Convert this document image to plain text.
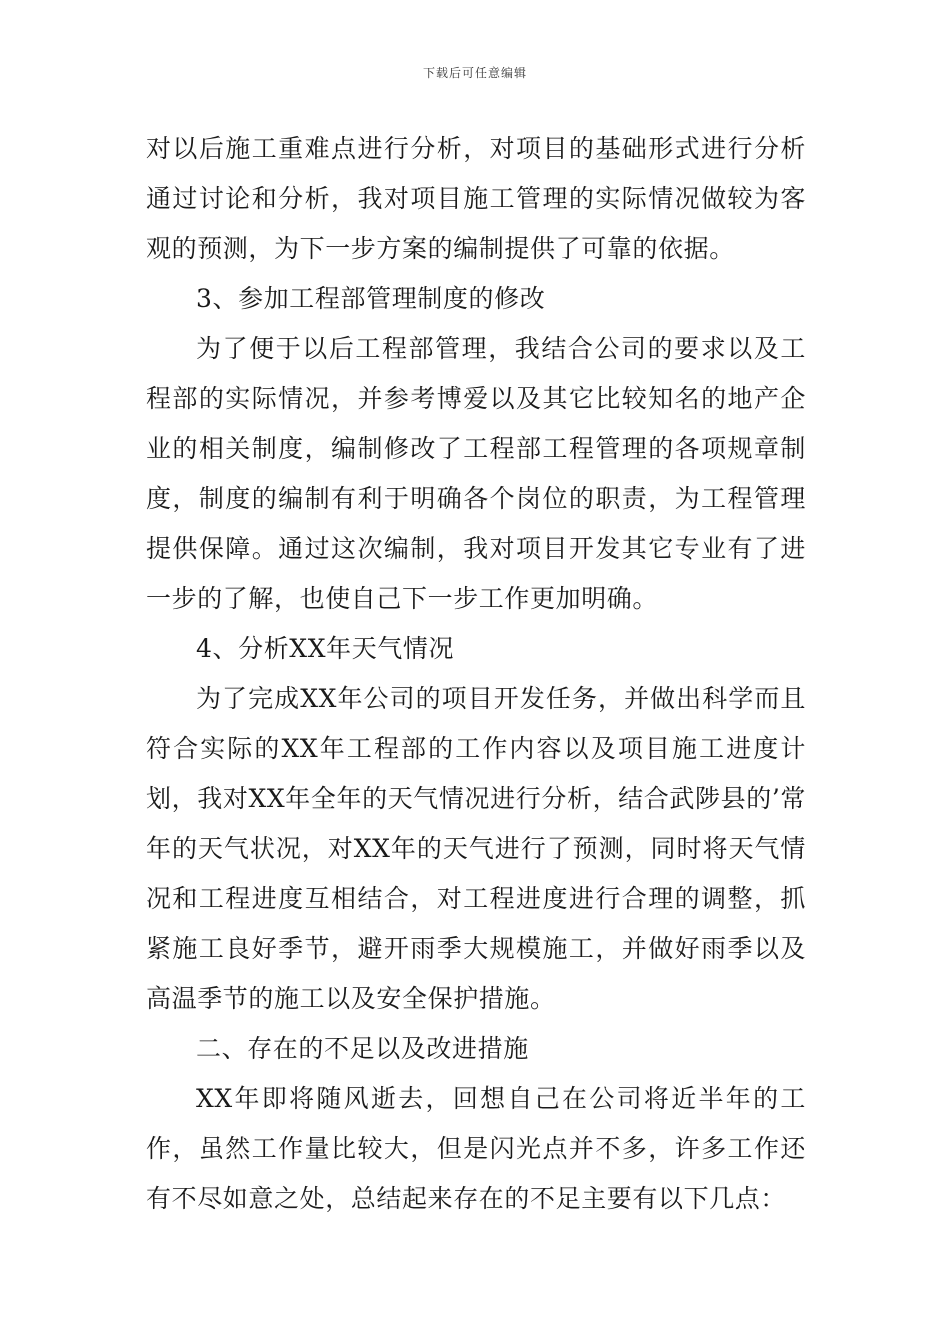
下载后可任意编辑

对以后施工重难点进行分析，对项目的基础形式进行分析通过讨论和分析，我对项目施工管理的实际情况做较为客观的预测，为下一步方案的编制提供了可靠的依据。

3、参加工程部管理制度的修改

为了便于以后工程部管理，我结合公司的要求以及工程部的实际情况，并参考博爱以及其它比较知名的地产企业的相关制度，编制修改了工程部工程管理的各项规章制度，制度的编制有利于明确各个岗位的职责，为工程管理提供保障。通过这次编制，我对项目开发其它专业有了进一步的了解，也使自己下一步工作更加明确。

4、分析XX年天气情况

为了完成XX年公司的项目开发任务，并做出科学而且符合实际的XX年工程部的工作内容以及项目施工进度计划，我对XX年全年的天气情况进行分析，结合武陟县的’常年的天气状况，对XX年的天气进行了预测，同时将天气情况和工程进度互相结合，对工程进度进行合理的调整，抓紧施工良好季节，避开雨季大规模施工，并做好雨季以及高温季节的施工以及安全保护措施。

二、存在的不足以及改进措施

XX年即将随风逝去，回想自己在公司将近半年的工作，虽然工作量比较大，但是闪光点并不多，许多工作还有不尽如意之处，总结起来存在的不足主要有以下几点：
